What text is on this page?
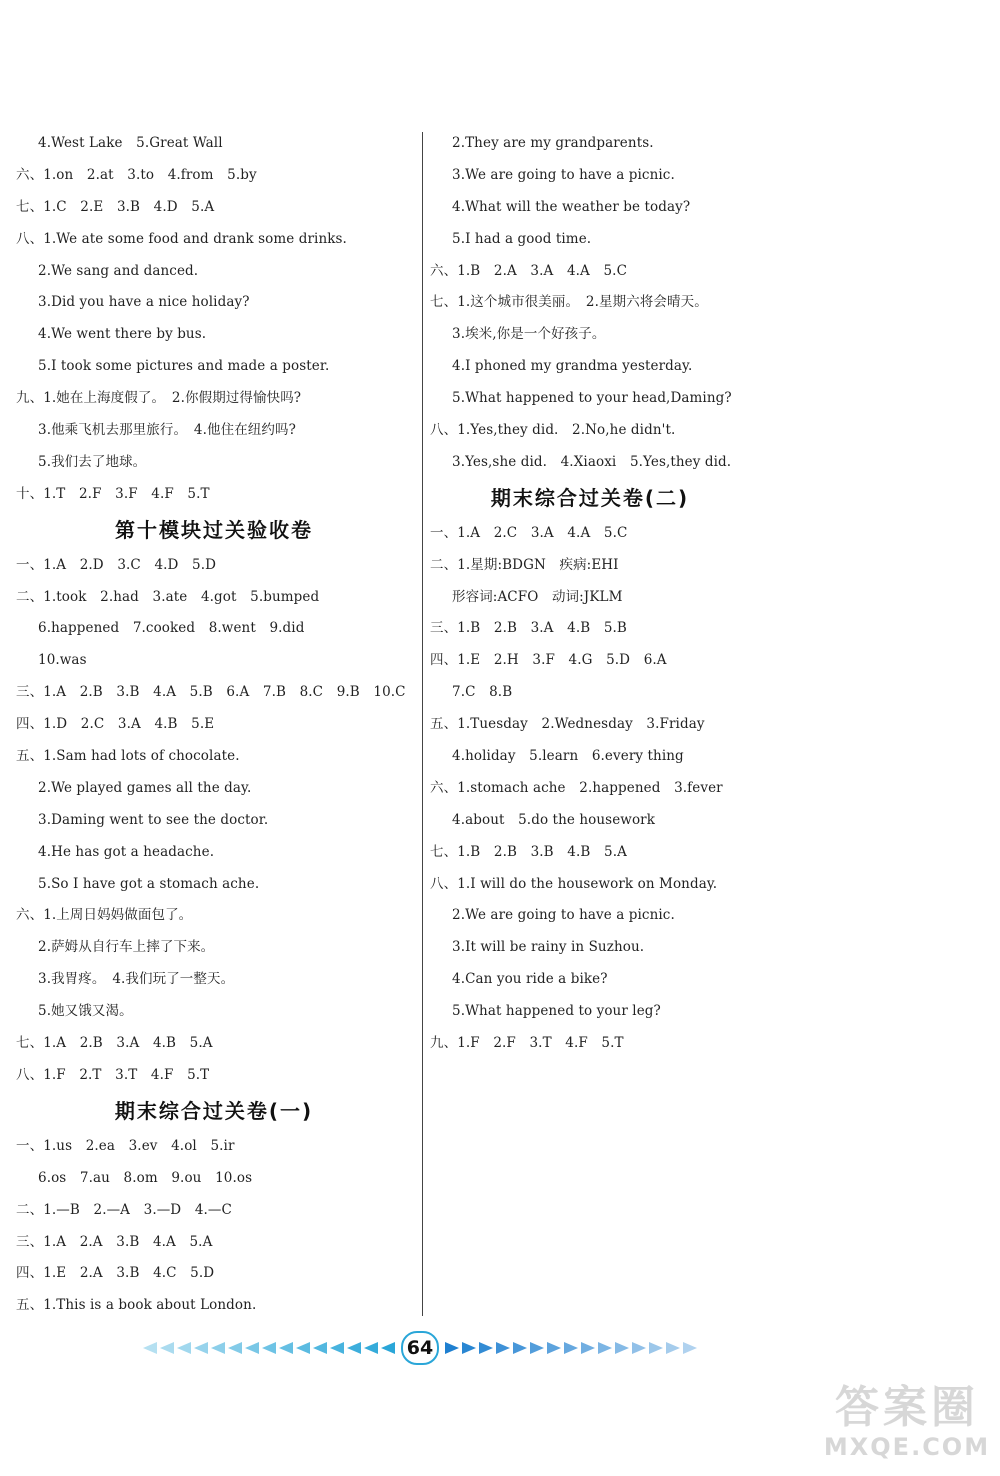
4.West Lake　5.Great Wall
六、1.on　2.at　3.to　4.from　5.by
七、1.C　2.E　3.B　4.D　5.A
八、1.We ate some food and drank some drinks.
2.We sang and danced.
3.Did you have a nice holiday?
4.We went there by bus.
5.I took some pictures and made a poster.
九、1.她在上海度假了。　2.你假期过得愉快吗?
3.他乘飞机去那里旅行。　4.他住在纽约吗?
5.我们去了地球。
十、1.T　2.F　3.F　4.F　5.T
第十模块过关验收卷
一、1.A　2.D　3.C　4.D　5.D
二、1.took　2.had　3.ate　4.got　5.bumped
6.happened　7.cooked　8.went　9.did
10.was
三、1.A　2.B　3.B　4.A　5.B　6.A　7.B　8.C　9.B　10.C
四、1.D　2.C　3.A　4.B　5.E
五、1.Sam had lots of chocolate.
2.We played games all the day.
3.Daming went to see the doctor.
4.He has got a headache.
5.So I have got a stomach ache.
六、1.上周日妈妈做面包了。
2.萨姆从自行车上摔了下来。
3.我胃疼。　4.我们玩了一整天。
5.她又饿又渴。
七、1.A　2.B　3.A　4.B　5.A
八、1.F　2.T　3.T　4.F　5.T
期末综合过关卷(一)
一、1.us　2.ea　3.ev　4.ol　5.ir
6.os　7.au　8.om　9.ou　10.os
二、1.—B　2.—A　3.—D　4.—C
三、1.A　2.A　3.B　4.A　5.A
四、1.E　2.A　3.B　4.C　5.D
五、1.This is a book about London.
2.They are my grandparents.
3.We are going to have a picnic.
4.What will the weather be today?
5.I had a good time.
六、1.B　2.A　3.A　4.A　5.C
七、1.这个城市很美丽。　2.星期六将会晴天。
3.埃米,你是一个好孩子。
4.I phoned my grandma yesterday.
5.What happened to your head,Daming?
八、1.Yes,they did.　2.No,he didn't.
3.Yes,she did.　4.Xiaoxi　5.Yes,they did.
期末综合过关卷(二)
一、1.A　2.C　3.A　4.A　5.C
二、1.星期:BDGN　疾病:EHI
形容词:ACFO　动词:JKLM
三、1.B　2.B　3.A　4.B　5.B
四、1.E　2.H　3.F　4.G　5.D　6.A
7.C　8.B
五、1.Tuesday　2.Wednesday　3.Friday
4.holiday　5.learn　6.every thing
六、1.stomach ache　2.happened　3.fever
4.about　5.do the housework
七、1.B　2.B　3.B　4.B　5.A
八、1.I will do the housework on Monday.
2.We are going to have a picnic.
3.It will be rainy in Suzhou.
4.Can you ride a bike?
5.What happened to your leg?
九、1.F　2.F　3.T　4.F　5.T
64
答案圈
MXQE.COM
